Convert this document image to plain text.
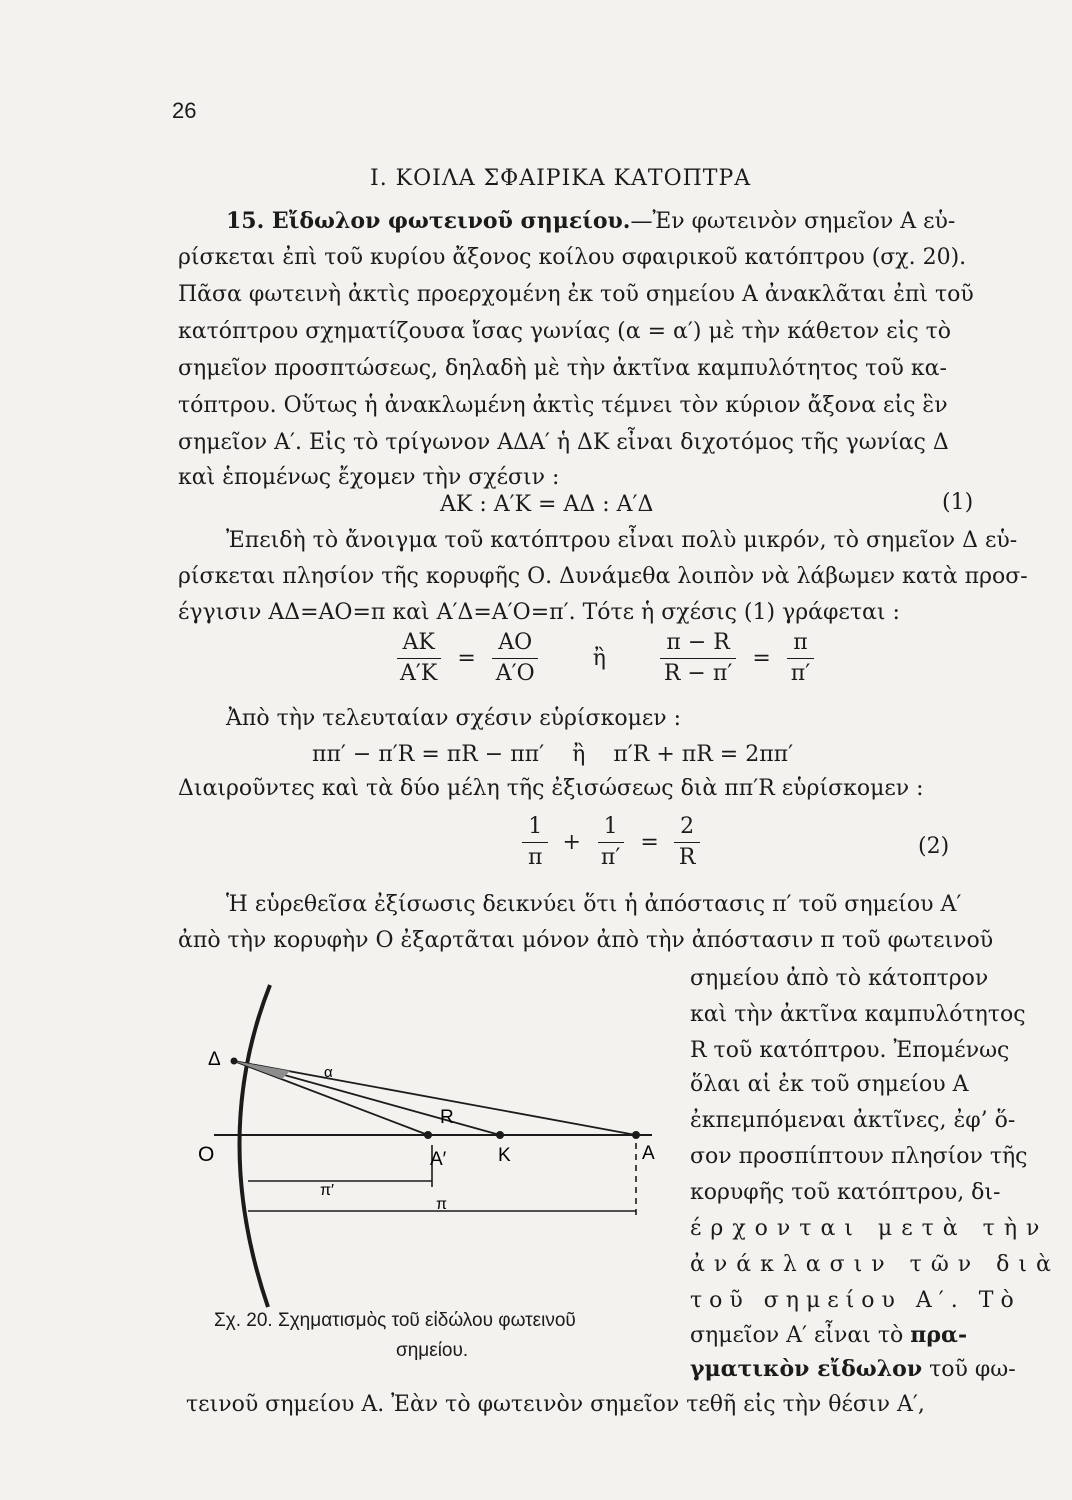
26
Ι. ΚΟΙΛΑ ΣΦΑΙΡΙΚΑ ΚΑΤΟΠΤΡΑ
15. Εἴδωλον φωτεινοῦ σημείου.—Ἐν φωτεινὸν σημεῖον Α εὑ-
ρίσκεται ἐπὶ τοῦ κυρίου ἄξονος κοίλου σφαιρικοῦ κατόπτρου (σχ. 20).
Πᾶσα φωτεινὴ ἀκτὶς προερχομένη ἐκ τοῦ σημείου Α ἀνακλᾶται ἐπὶ τοῦ
κατόπτρου σχηματίζουσα ἴσας γωνίας (α = α′) μὲ τὴν κάθετον εἰς τὸ
σημεῖον προσπτώσεως, δηλαδὴ μὲ τὴν ἀκτῖνα καμπυλότητος τοῦ κα-
τόπτρου. Οὕτως ἡ ἀνακλωμένη ἀκτὶς τέμνει τὸν κύριον ἄξονα εἰς ἓν
σημεῖον Α′. Εἰς τὸ τρίγωνον ΑΔΑ′ ἡ ΔΚ εἶναι διχοτόμος τῆς γωνίας Δ
καὶ ἑπομένως ἔχομεν τὴν σχέσιν :
ΑΚ : Α′Κ = ΑΔ : Α′Δ	(1)
Ἐπειδὴ τὸ ἄνοιγμα τοῦ κατόπτρου εἶναι πολὺ μικρόν, τὸ σημεῖον Δ εὑ-
ρίσκεται πλησίον τῆς κορυφῆς Ο. Δυνάμεθα λοιπὸν νὰ λάβωμεν κατὰ προσ-
έγγισιν ΑΔ=ΑΟ=π καὶ Α′Δ=Α′Ο=π′. Τότε ἡ σχέσις (1) γράφεται :
$\frac{AK}{A'K} = \frac{AO}{A'O}$ ἢ $\frac{\pi - R}{R - \pi'} = \frac{\pi}{\pi'}$
Ἀπὸ τὴν τελευταίαν σχέσιν εὑρίσκομεν :
ππ′ − π′R = πR − ππ′ ἢ π′R + πR = 2ππ′
Διαιροῦντες καὶ τὰ δύο μέλη τῆς ἐξισώσεως διὰ ππ′R εὑρίσκομεν :
$\frac{1}{\pi} + \frac{1}{\pi'} = \frac{2}{R}$	(2)
Ἡ εὑρεθεῖσα ἐξίσωσις δεικνύει ὅτι ἡ ἀπόστασις π′ τοῦ σημείου Α′
ἀπὸ τὴν κορυφὴν Ο ἐξαρτᾶται μόνον ἀπὸ τὴν ἀπόστασιν π τοῦ φωτεινοῦ
σημείου ἀπὸ τὸ κάτοπτρον
καὶ τὴν ἀκτῖνα καμπυλότητος
R τοῦ κατόπτρου. Ἐπομένως
ὅλαι αἱ ἐκ τοῦ σημείου Α
ἐκπεμπόμεναι ἀκτῖνες, ἐφ’ ὅ-
σον προσπίπτουν πλησίον τῆς
κορυφῆς τοῦ κατόπτρου, δι-
έρχονται μετὰ τὴν
ἀνάκλασιν τῶν διὰ
τοῦ σημείου Α′. Τὸ
σημεῖον Α′ εἶναι τὸ πρα-
γματικὸν εἴδωλον τοῦ φω-
τεινοῦ σημείου Α. Ἐὰν τὸ φωτεινὸν σημεῖον τεθῆ εἰς τὴν θέσιν Α′,
Δ
Ο
α
R
Α′	Κ	Α
π′
π
Σχ. 20. Σχηματισμὸς τοῦ εἰδώλου φωτεινοῦ
σημείου.
